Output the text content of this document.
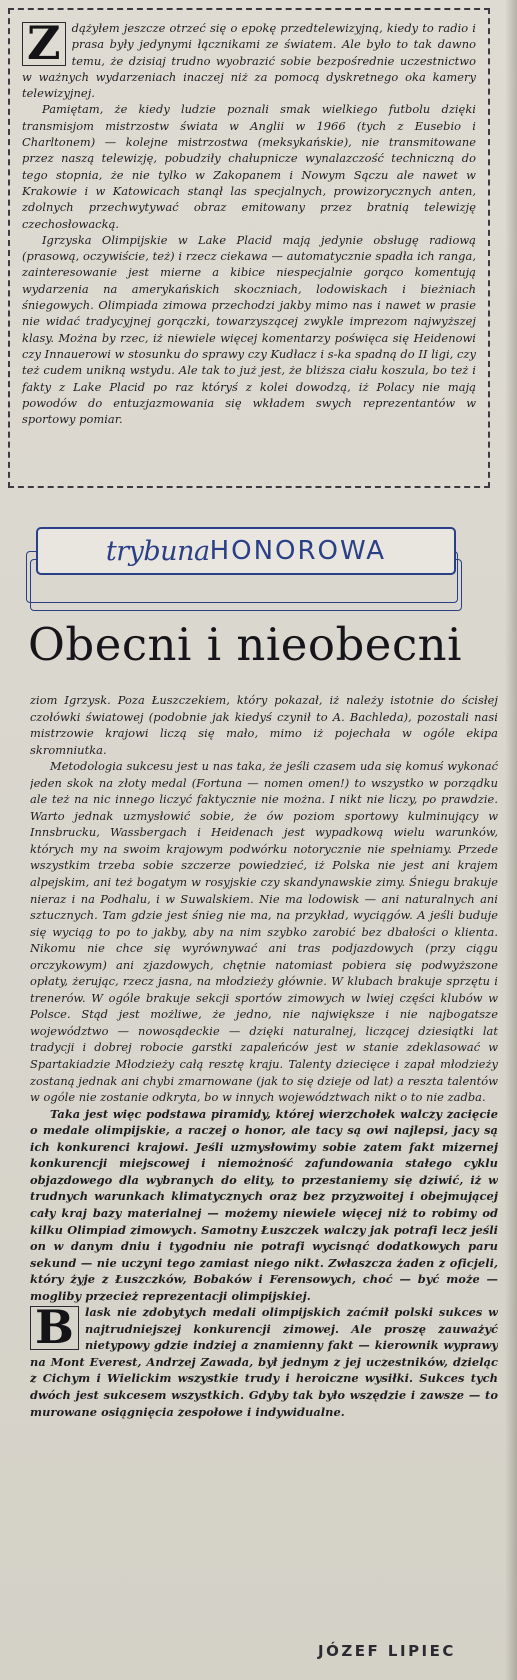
Z dążyłem jeszcze otrzeć się o epokę przedtelewizyjną, kiedy to radio i prasa były jedynymi łącznikami ze światem. Ale było to tak dawno temu, że dzisiaj trudno wyobrazić sobie bezpośrednie uczestnictwo w ważnych wydarzeniach inaczej niż za pomocą dyskretnego oka kamery telewizyjnej.

Pamiętam, że kiedy ludzie poznali smak wielkiego futbolu dzięki transmisjom mistrzostw świata w Anglii w 1966 (tych z Eusebio i Charltonem) — kolejne mistrzostwa (meksykańskie), nie transmitowane przez naszą telewizję, pobudziły chałupnicze wynalazczość techniczną do tego stopnia, że nie tylko w Zakopanem i Nowym Sączu ale nawet w Krakowie i w Katowicach stanął las specjalnych, prowizorycznych anten, zdolnych przechwytywać obraz emitowany przez bratnią telewizję czechosłowacką.

Igrzyska Olimpijskie w Lake Placid mają jedynie obsługę radiową (prasową, oczywiście, też) i rzecz ciekawa — automatycznie spadła ich ranga, zainteresowanie jest mierne a kibice niespecjalnie gorąco komentują wydarzenia na amerykańskich skoczniach, lodowiskach i bieżniach śniegowych. Olimpiada zimowa przechodzi jakby mimo nas i nawet w prasie nie widać tradycyjnej gorączki, towarzyszącej zwykle imprezom najwyższej klasy. Można by rzec, iż niewiele więcej komentarzy poświęca się Heidenowi czy Innauerowi w stosunku do sprawy czy Kudłacz i s-ka spadną do II ligi, czy też cudem unikną wstydu. Ale tak to już jest, że bliższa ciału koszula, bo też i fakty z Lake Placid po raz któryś z kolei dowodzą, iż Polacy nie mają powodów do entuzjazmowania się wkładem swych reprezentantów w sportowy pomiar.

trybuna HONOROWA
Obecni i nieobecni

ziom Igrzysk. Poza Łuszczekiem, który pokazał, iż należy istotnie do ścisłej czołówki światowej (podobnie jak kiedyś czynił to A. Bachleda), pozostali nasi mistrzowie krajowi liczą się mało, mimo iż pojechała w ogóle ekipa skromniutka.

Metodologia sukcesu jest u nas taka, że jeśli czasem uda się komuś wykonać jeden skok na złoty medal (Fortuna — nomen omen!) to wszystko w porządku ale też na nic innego liczyć faktycznie nie można. I nikt nie liczy, po prawdzie. Warto jednak uzmysłowić sobie, że ów poziom sportowy kulminujący w Innsbrucku, Wassbergach i Heidenach jest wypadkową wielu warunków, których my na swoim krajowym podwórku notorycznie nie spełniamy. Przede wszystkim trzeba sobie szczerze powiedzieć, iż Polska nie jest ani krajem alpejskim, ani też bogatym w rosyjskie czy skandynawskie zimy. Śniegu brakuje nieraz i na Podhalu, i w Suwalskiem. Nie ma lodowisk — ani naturalnych ani sztucznych. Tam gdzie jest śnieg nie ma, na przykład, wyciągów. A jeśli buduje się wyciąg to po to jakby, aby na nim szybko zarobić bez dbałości o klienta. Nikomu nie chce się wyrównywać ani tras podjazdowych (przy ciągu orczykowym) ani zjazdowych, chętnie natomiast pobiera się podwyższone opłaty, żerując, rzecz jasna, na młodzieży głównie. W klubach brakuje sprzętu i trenerów. W ogóle brakuje sekcji sportów zimowych w lwiej części klubów w Polsce. Stąd jest możliwe, że jedno, nie największe i nie najbogatsze województwo — nowosądeckie — dzięki naturalnej, liczącej dziesiątki lat tradycji i dobrej robocie garstki zapaleńców jest w stanie zdeklasować w Spartakiadzie Młodzieży całą resztę kraju. Talenty dziecięce i zapał młodzieży zostaną jednak ani chybi zmarnowane (jak to się dzieje od lat) a reszta talentów w ogóle nie zostanie odkryta, bo w innych województwach nikt o to nie zadba.

Taka jest więc podstawa piramidy, której wierzchołek walczy zacięcie o medale olimpijskie, a raczej o honor, ale tacy są owi najlepsi, jacy są ich konkurenci krajowi. Jeśli uzmysłowimy sobie zatem fakt mizernej konkurencji miejscowej i niemożność zafundowania stałego cyklu objazdowego dla wybranych do elity, to przestaniemy się dziwić, iż w trudnych warunkach klimatycznych oraz bez przyzwoitej i obejmującej cały kraj bazy materialnej — możemy niewiele więcej niż to robimy od kilku Olimpiad zimowych. Samotny Łuszczek walczy jak potrafi lecz jeśli on w danym dniu i tygodniu nie potrafi wycisnąć dodatkowych paru sekund — nie uczyni tego zamiast niego nikt. Zwłaszcza żaden z oficjeli, który żyje z Łuszczków, Bobaków i Ferensowych, choć — być może — mogliby przecież reprezentacji olimpijskiej.

B lask nie zdobytych medali olimpijskich zaćmił polski sukces w najtrudniejszej konkurencji zimowej. Ale proszę zauważyć nietypowy gdzie indziej a znamienny fakt — kierownik wyprawy na Mont Everest, Andrzej Zawada, był jednym z jej uczestników, dzieląc z Cichym i Wielickim wszystkie trudy i heroiczne wysiłki. Sukces tych dwóch jest sukcesem wszystkich. Gdyby tak było wszędzie i zawsze — to murowane osiągnięcia zespołowe i indywidualne.

JÓZEF LIPIEC
